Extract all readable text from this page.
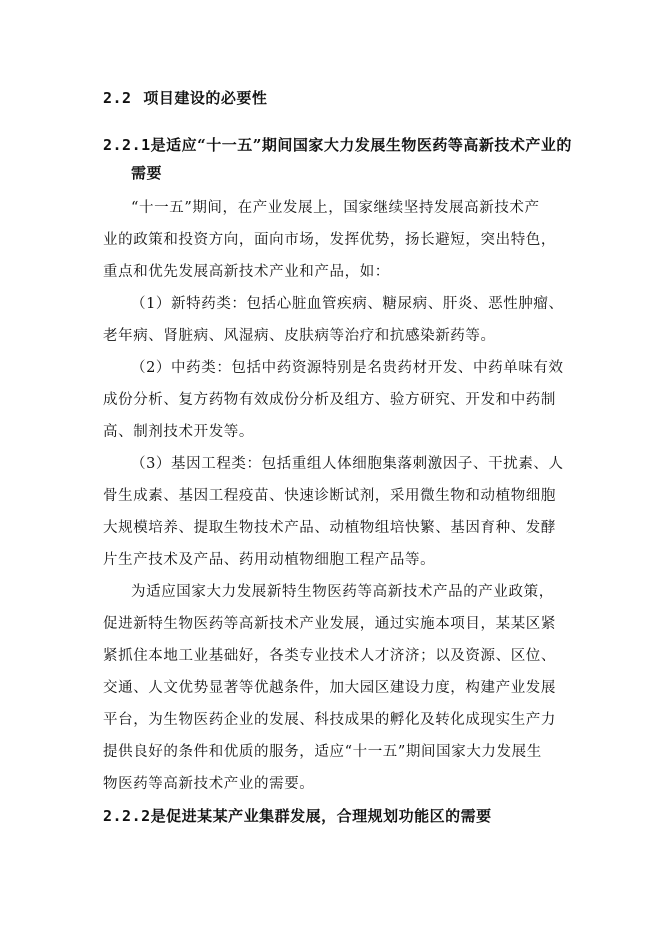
2.2 项目建设的必要性
2.2.1是适应“十一五”期间国家大力发展生物医药等高新技术产业的
需要
“十一五”期间，在产业发展上，国家继续坚持发展高新技术产
业的政策和投资方向，面向市场，发挥优势，扬长避短，突出特色，
重点和优先发展高新技术产业和产品，如：
（1）新特药类：包括心脏血管疾病、糖尿病、肝炎、恶性肿瘤、
老年病、肾脏病、风湿病、皮肤病等治疗和抗感染新药等。
（2）中药类：包括中药资源特别是名贵药材开发、中药单味有效
成份分析、复方药物有效成份分析及组方、验方研究、开发和中药制
高、制剂技术开发等。
（3）基因工程类：包括重组人体细胞集落刺激因子、干扰素、人
骨生成素、基因工程疫苗、快速诊断试剂，采用微生物和动植物细胞
大规模培养、提取生物技术产品、动植物组培快繁、基因育种、发酵
片生产技术及产品、药用动植物细胞工程产品等。
为适应国家大力发展新特生物医药等高新技术产品的产业政策，
促进新特生物医药等高新技术产业发展，通过实施本项目，某某区紧
紧抓住本地工业基础好，各类专业技术人才济济；以及资源、区位、
交通、人文优势显著等优越条件，加大园区建设力度，构建产业发展
平台，为生物医药企业的发展、科技成果的孵化及转化成现实生产力
提供良好的条件和优质的服务，适应“十一五”期间国家大力发展生
物医药等高新技术产业的需要。
2.2.2是促进某某产业集群发展，合理规划功能区的需要
